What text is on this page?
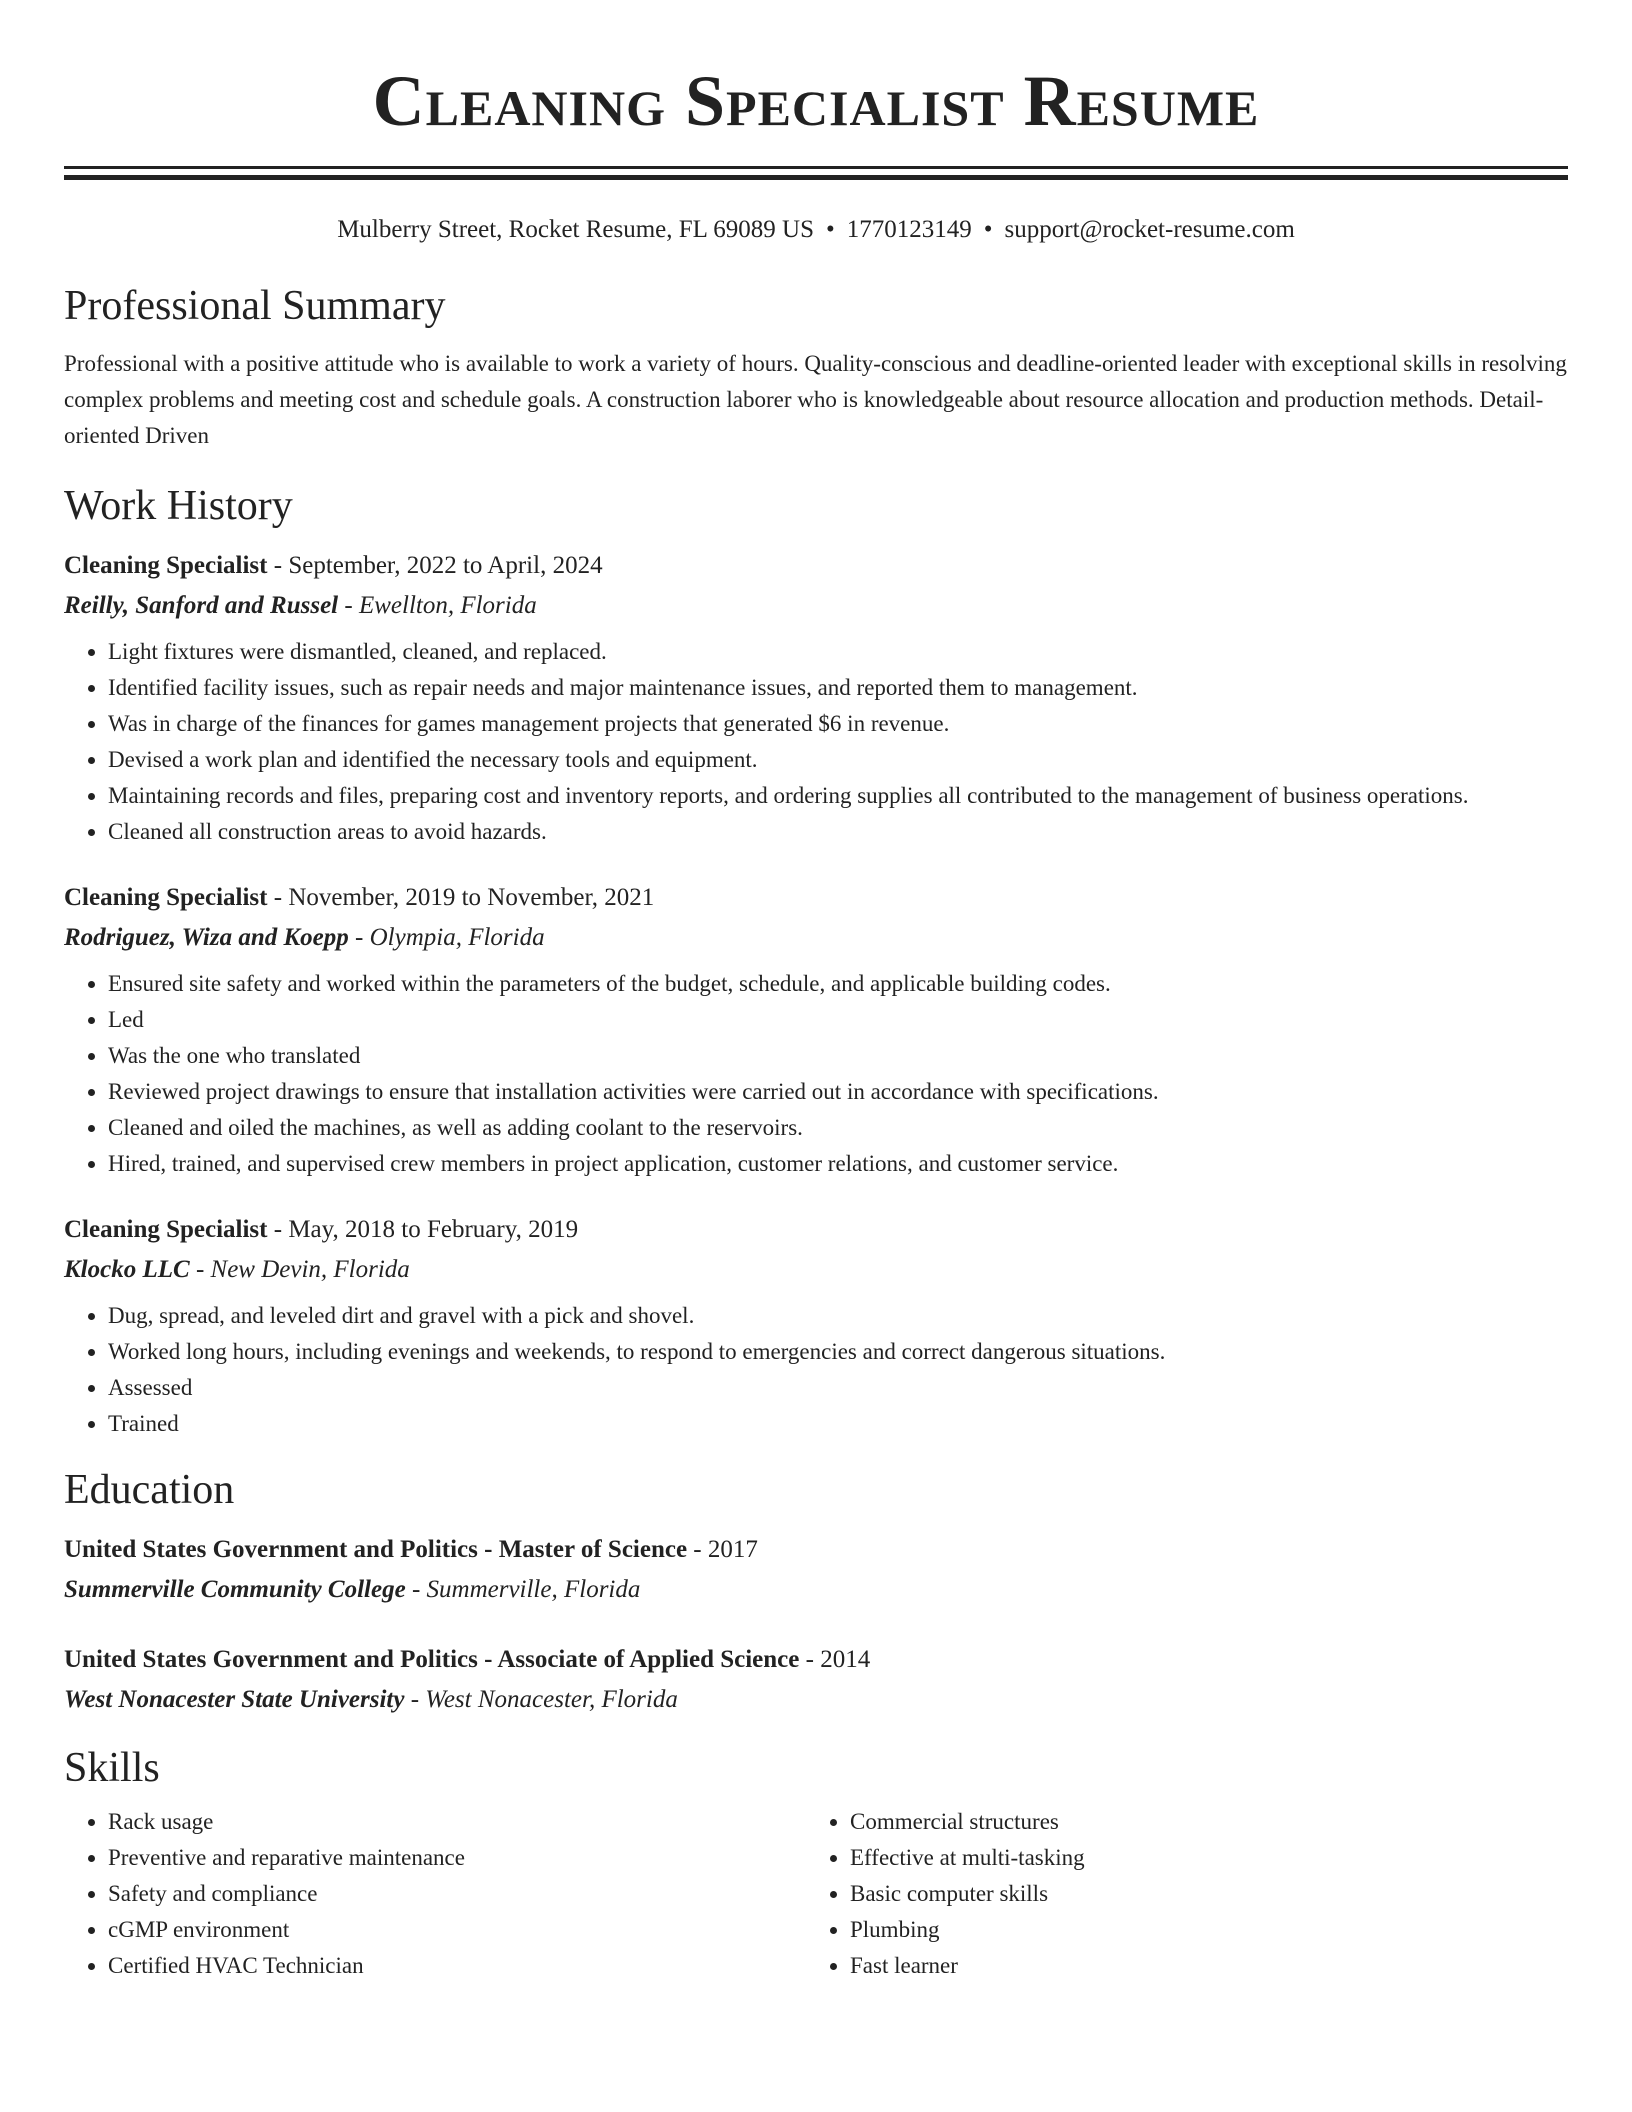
Cleaning Specialist Resume
Mulberry Street, Rocket Resume, FL 69089 US • 1770123149 • support@rocket-resume.com
Professional Summary

Professional with a positive attitude who is available to work a variety of hours. Quality-conscious and deadline-oriented leader with exceptional skills in resolving complex problems and meeting cost and schedule goals. A construction laborer who is knowledgeable about resource allocation and production methods. Detail-oriented Driven

Work History

Cleaning Specialist - September, 2022 to April, 2024

Reilly, Sanford and Russel - Ewellton, Florida

• Light fixtures were dismantled, cleaned, and replaced.
• Identified facility issues, such as repair needs and major maintenance issues, and reported them to management.
• Was in charge of the finances for games management projects that generated $6 in revenue.
• Devised a work plan and identified the necessary tools and equipment.
• Maintaining records and files, preparing cost and inventory reports, and ordering supplies all contributed to the management of business operations.
• Cleaned all construction areas to avoid hazards.

Cleaning Specialist - November, 2019 to November, 2021

Rodriguez, Wiza and Koepp - Olympia, Florida

• Ensured site safety and worked within the parameters of the budget, schedule, and applicable building codes.
• Led
• Was the one who translated
• Reviewed project drawings to ensure that installation activities were carried out in accordance with specifications.
• Cleaned and oiled the machines, as well as adding coolant to the reservoirs.
• Hired, trained, and supervised crew members in project application, customer relations, and customer service.

Cleaning Specialist - May, 2018 to February, 2019

Klocko LLC - New Devin, Florida

• Dug, spread, and leveled dirt and gravel with a pick and shovel.
• Worked long hours, including evenings and weekends, to respond to emergencies and correct dangerous situations.
• Assessed
• Trained
Education

United States Government and Politics - Master of Science - 2017

Summerville Community College - Summerville, Florida

United States Government and Politics - Associate of Applied Science - 2014

West Nonacester State University - West Nonacester, Florida

Skills
• Rack usage
• Preventive and reparative maintenance
• Safety and compliance
• cGMP environment
• Certified HVAC Technician
• Commercial structures
• Effective at multi-tasking
• Basic computer skills
• Plumbing
• Fast learner
